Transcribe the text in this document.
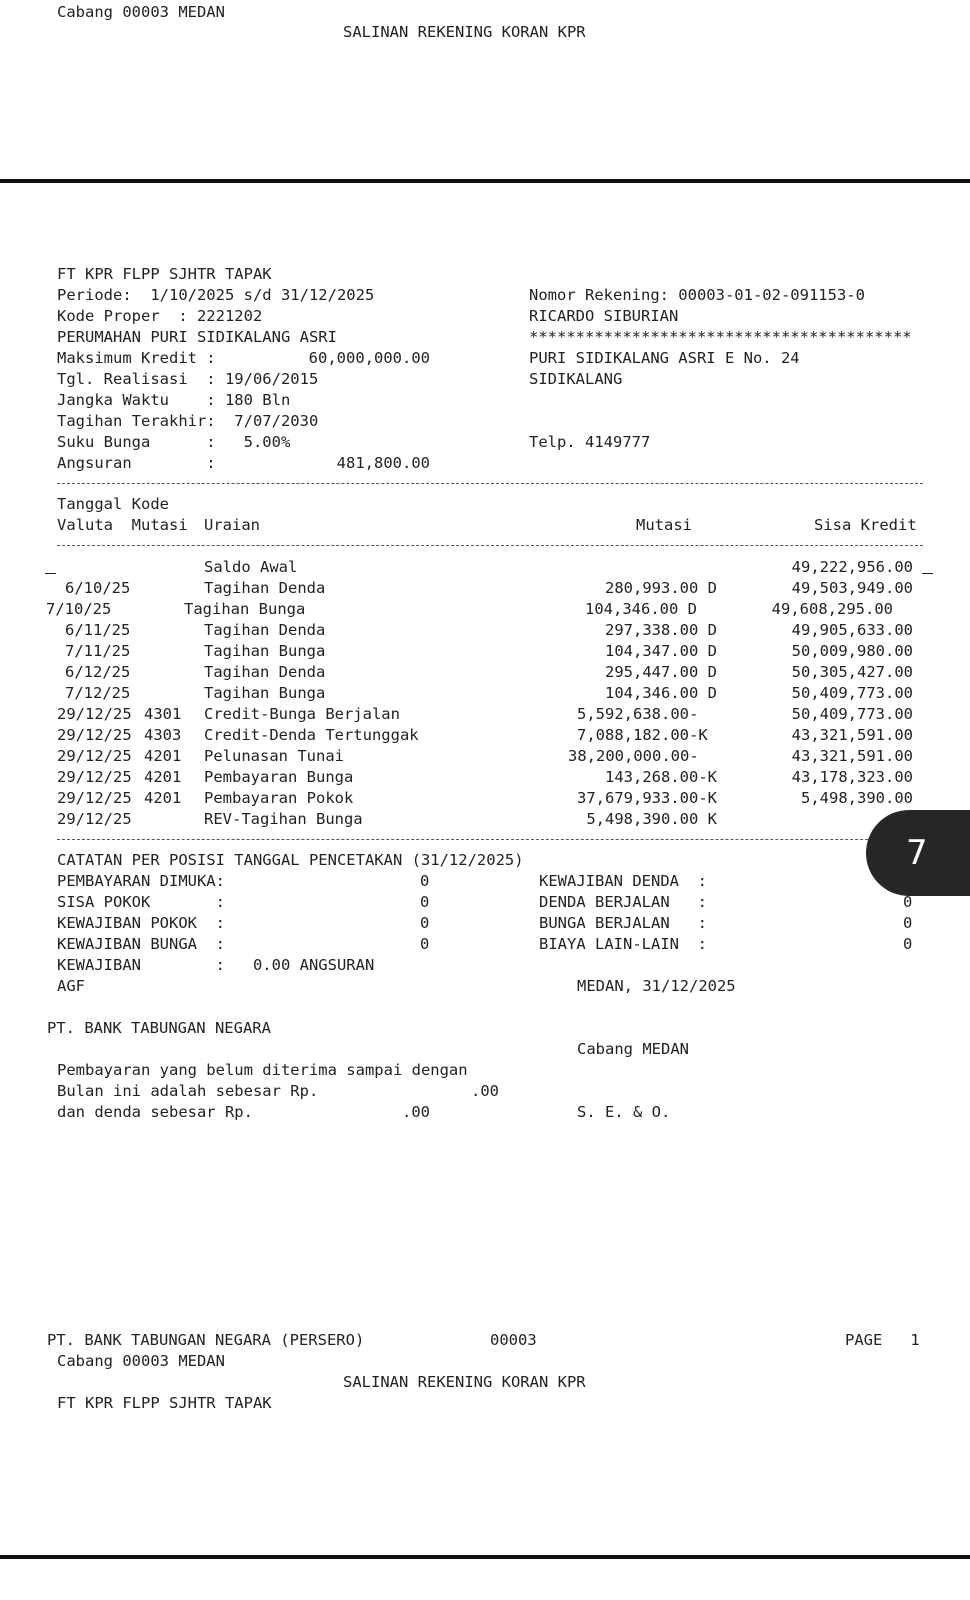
Cabang 00003 MEDAN
SALINAN REKENING KORAN KPR
FT KPR FLPP SJHTR TAPAK
Periode:  1/10/2025 s/d 31/12/2025
Kode Proper  : 2221202
PERUMAHAN PURI SIDIKALANG ASRI
Maksimum Kredit :	60,000,000.00
Tgl. Realisasi  : 19/06/2015
Jangka Waktu    : 180 Bln
Tagihan Terakhir:  7/07/2030
Suku Bunga      :   5.00%
Angsuran        :	481,800.00
Nomor Rekening: 00003-01-02-091153-0
RICARDO SIBURIAN
*****************************************
PURI SIDIKALANG ASRI E No. 24
SIDIKALANG
Telp. 4149777
Tanggal Kode
Valuta  Mutasi Uraian	Mutasi	Sisa Kredit
Saldo Awal	49,222,956.00
6/10/25	Tagihan Denda	280,993.00 D	49,503,949.00
7/10/25	Tagihan Bunga	104,346.00 D	49,608,295.00
6/11/25	Tagihan Denda	297,338.00 D	49,905,633.00
7/11/25	Tagihan Bunga	104,347.00 D	50,009,980.00
6/12/25	Tagihan Denda	295,447.00 D	50,305,427.00
7/12/25	Tagihan Bunga	104,346.00 D	50,409,773.00
29/12/25 4301 Credit-Bunga Berjalan	5,592,638.00-	50,409,773.00
29/12/25 4303 Credit-Denda Tertunggak	7,088,182.00-K	43,321,591.00
29/12/25 4201 Pelunasan Tunai	38,200,000.00-	43,321,591.00
29/12/25 4201 Pembayaran Bunga	143,268.00-K	43,178,323.00
29/12/25 4201 Pembayaran Pokok	37,679,933.00-K	5,498,390.00
29/12/25	REV-Tagihan Bunga	5,498,390.00 K
7
CATATAN PER POSISI TANGGAL PENCETAKAN (31/12/2025)
PEMBAYARAN DIMUKA:	0
SISA POKOK       :	0
KEWAJIBAN POKOK  :	0
KEWAJIBAN BUNGA  :	0
KEWAJIBAN        :   0.00 ANGSURAN
AGF
KEWAJIBAN DENDA  :
DENDA BERJALAN   :	0
BUNGA BERJALAN   :	0
BIAYA LAIN-LAIN  :	0
MEDAN, 31/12/2025
PT. BANK TABUNGAN NEGARA
Cabang MEDAN
Pembayaran yang belum diterima sampai dengan
Bulan ini adalah sebesar Rp.	.00
dan denda sebesar Rp.	.00	S. E. & O.
PT. BANK TABUNGAN NEGARA (PERSERO)	00003	PAGE   1
Cabang 00003 MEDAN
SALINAN REKENING KORAN KPR
FT KPR FLPP SJHTR TAPAK
